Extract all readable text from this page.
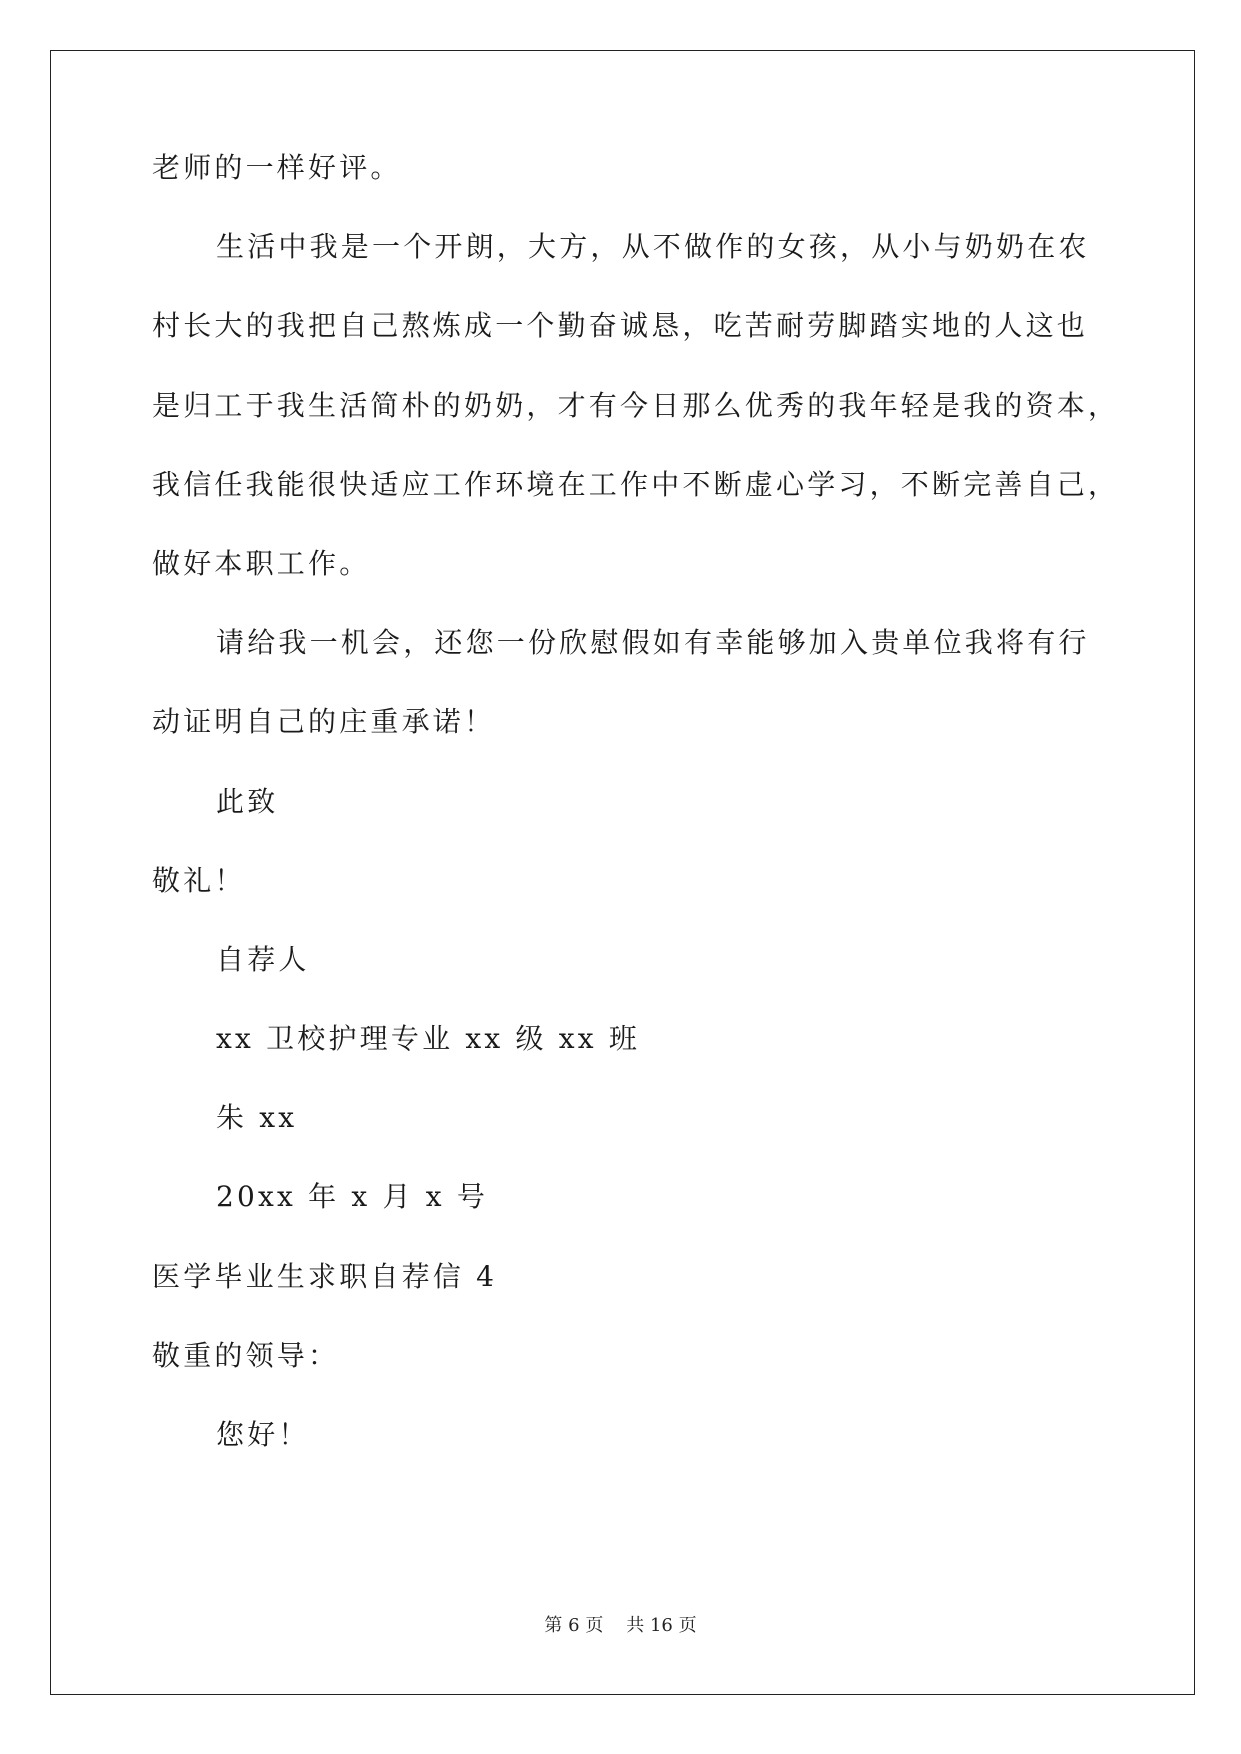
老师的一样好评。
生活中我是一个开朗，大方，从不做作的女孩，从小与奶奶在农
村长大的我把自己熬炼成一个勤奋诚恳，吃苦耐劳脚踏实地的人这也
是归工于我生活简朴的奶奶，才有今日那么优秀的我年轻是我的资本，
我信任我能很快适应工作环境在工作中不断虚心学习，不断完善自己，
做好本职工作。
请给我一机会，还您一份欣慰假如有幸能够加入贵单位我将有行
动证明自己的庄重承诺！
此致
敬礼！
自荐人
xx 卫校护理专业 xx 级 xx 班
朱 xx
20xx 年 x 月 x 号
医学毕业生求职自荐信 4
敬重的领导：
您好！
第 6 页 共 16 页
